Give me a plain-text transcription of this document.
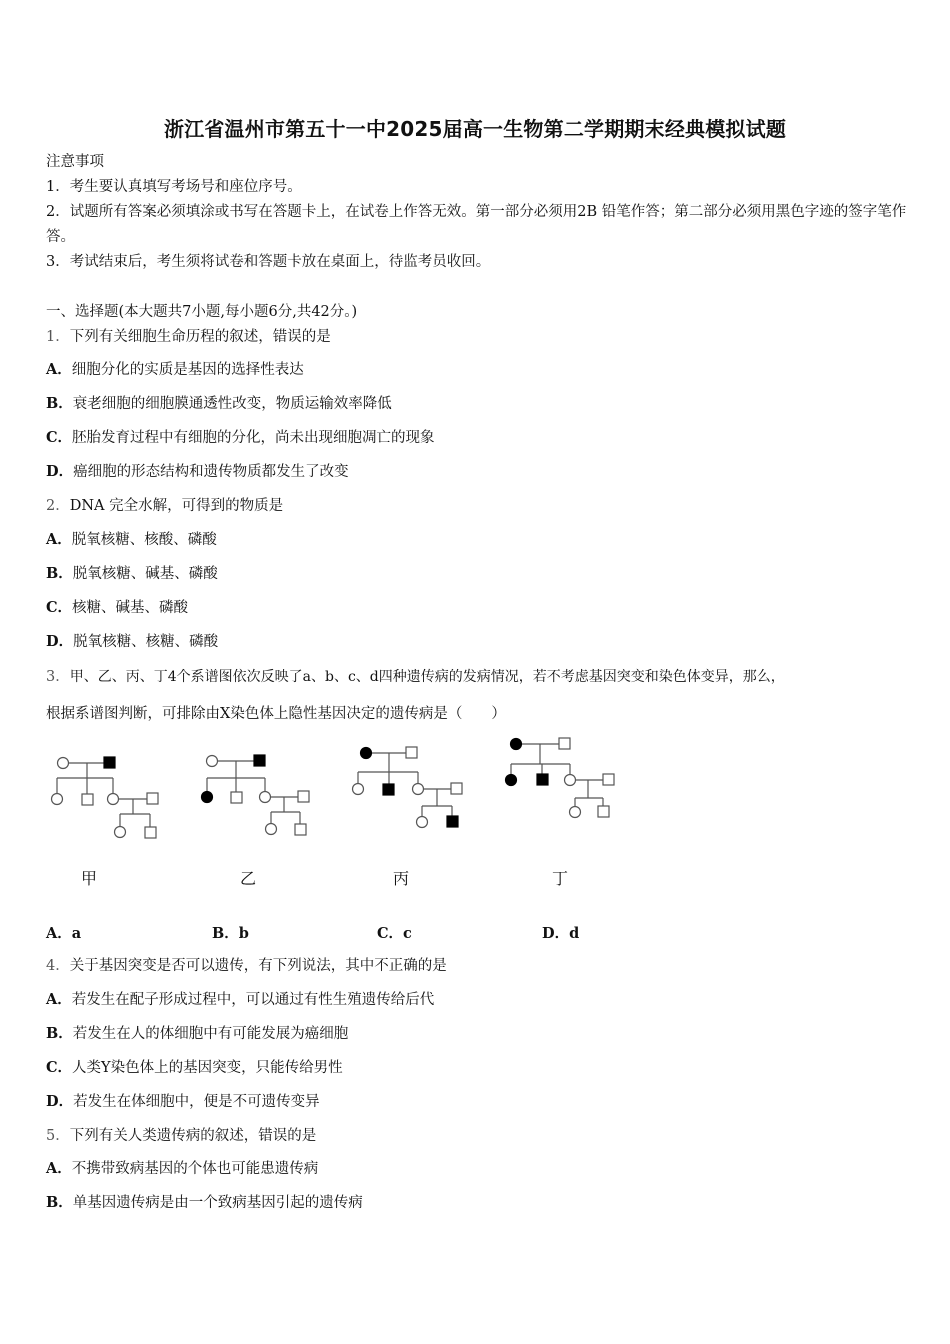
浙江省温州市第五十一中2025届高一生物第二学期期末经典模拟试题
注意事项
1．考生要认真填写考场号和座位序号。
2．试题所有答案必须填涂或书写在答题卡上，在试卷上作答无效。第一部分必须用2B 铅笔作答；第二部分必须用黑色字迹的签字笔作答。
3．考试结束后，考生须将试卷和答题卡放在桌面上，待监考员收回。
一、选择题(本大题共7小题,每小题6分,共42分。)
1．下列有关细胞生命历程的叙述，错误的是
A．细胞分化的实质是基因的选择性表达
B．衰老细胞的细胞膜通透性改变，物质运输效率降低
C．胚胎发育过程中有细胞的分化，尚未出现细胞凋亡的现象
D．癌细胞的形态结构和遗传物质都发生了改变
2．DNA 完全水解，可得到的物质是
A．脱氧核糖、核酸、磷酸
B．脱氧核糖、碱基、磷酸
C．核糖、碱基、磷酸
D．脱氧核糖、核糖、磷酸
3．甲、乙、丙、丁4个系谱图依次反映了a、b、c、d四种遗传病的发病情况，若不考虑基因突变和染色体变异，那么，
根据系谱图判断，可排除由X染色体上隐性基因决定的遗传病是（　　）
甲	乙	丙	丁
A．a	B．b	C．c	D．d
4．关于基因突变是否可以遗传，有下列说法，其中不正确的是
A．若发生在配子形成过程中，可以通过有性生殖遗传给后代
B．若发生在人的体细胞中有可能发展为癌细胞
C．人类Y染色体上的基因突变，只能传给男性
D．若发生在体细胞中，便是不可遗传变异
5．下列有关人类遗传病的叙述，错误的是
A．不携带致病基因的个体也可能患遗传病
B．单基因遗传病是由一个致病基因引起的遗传病
